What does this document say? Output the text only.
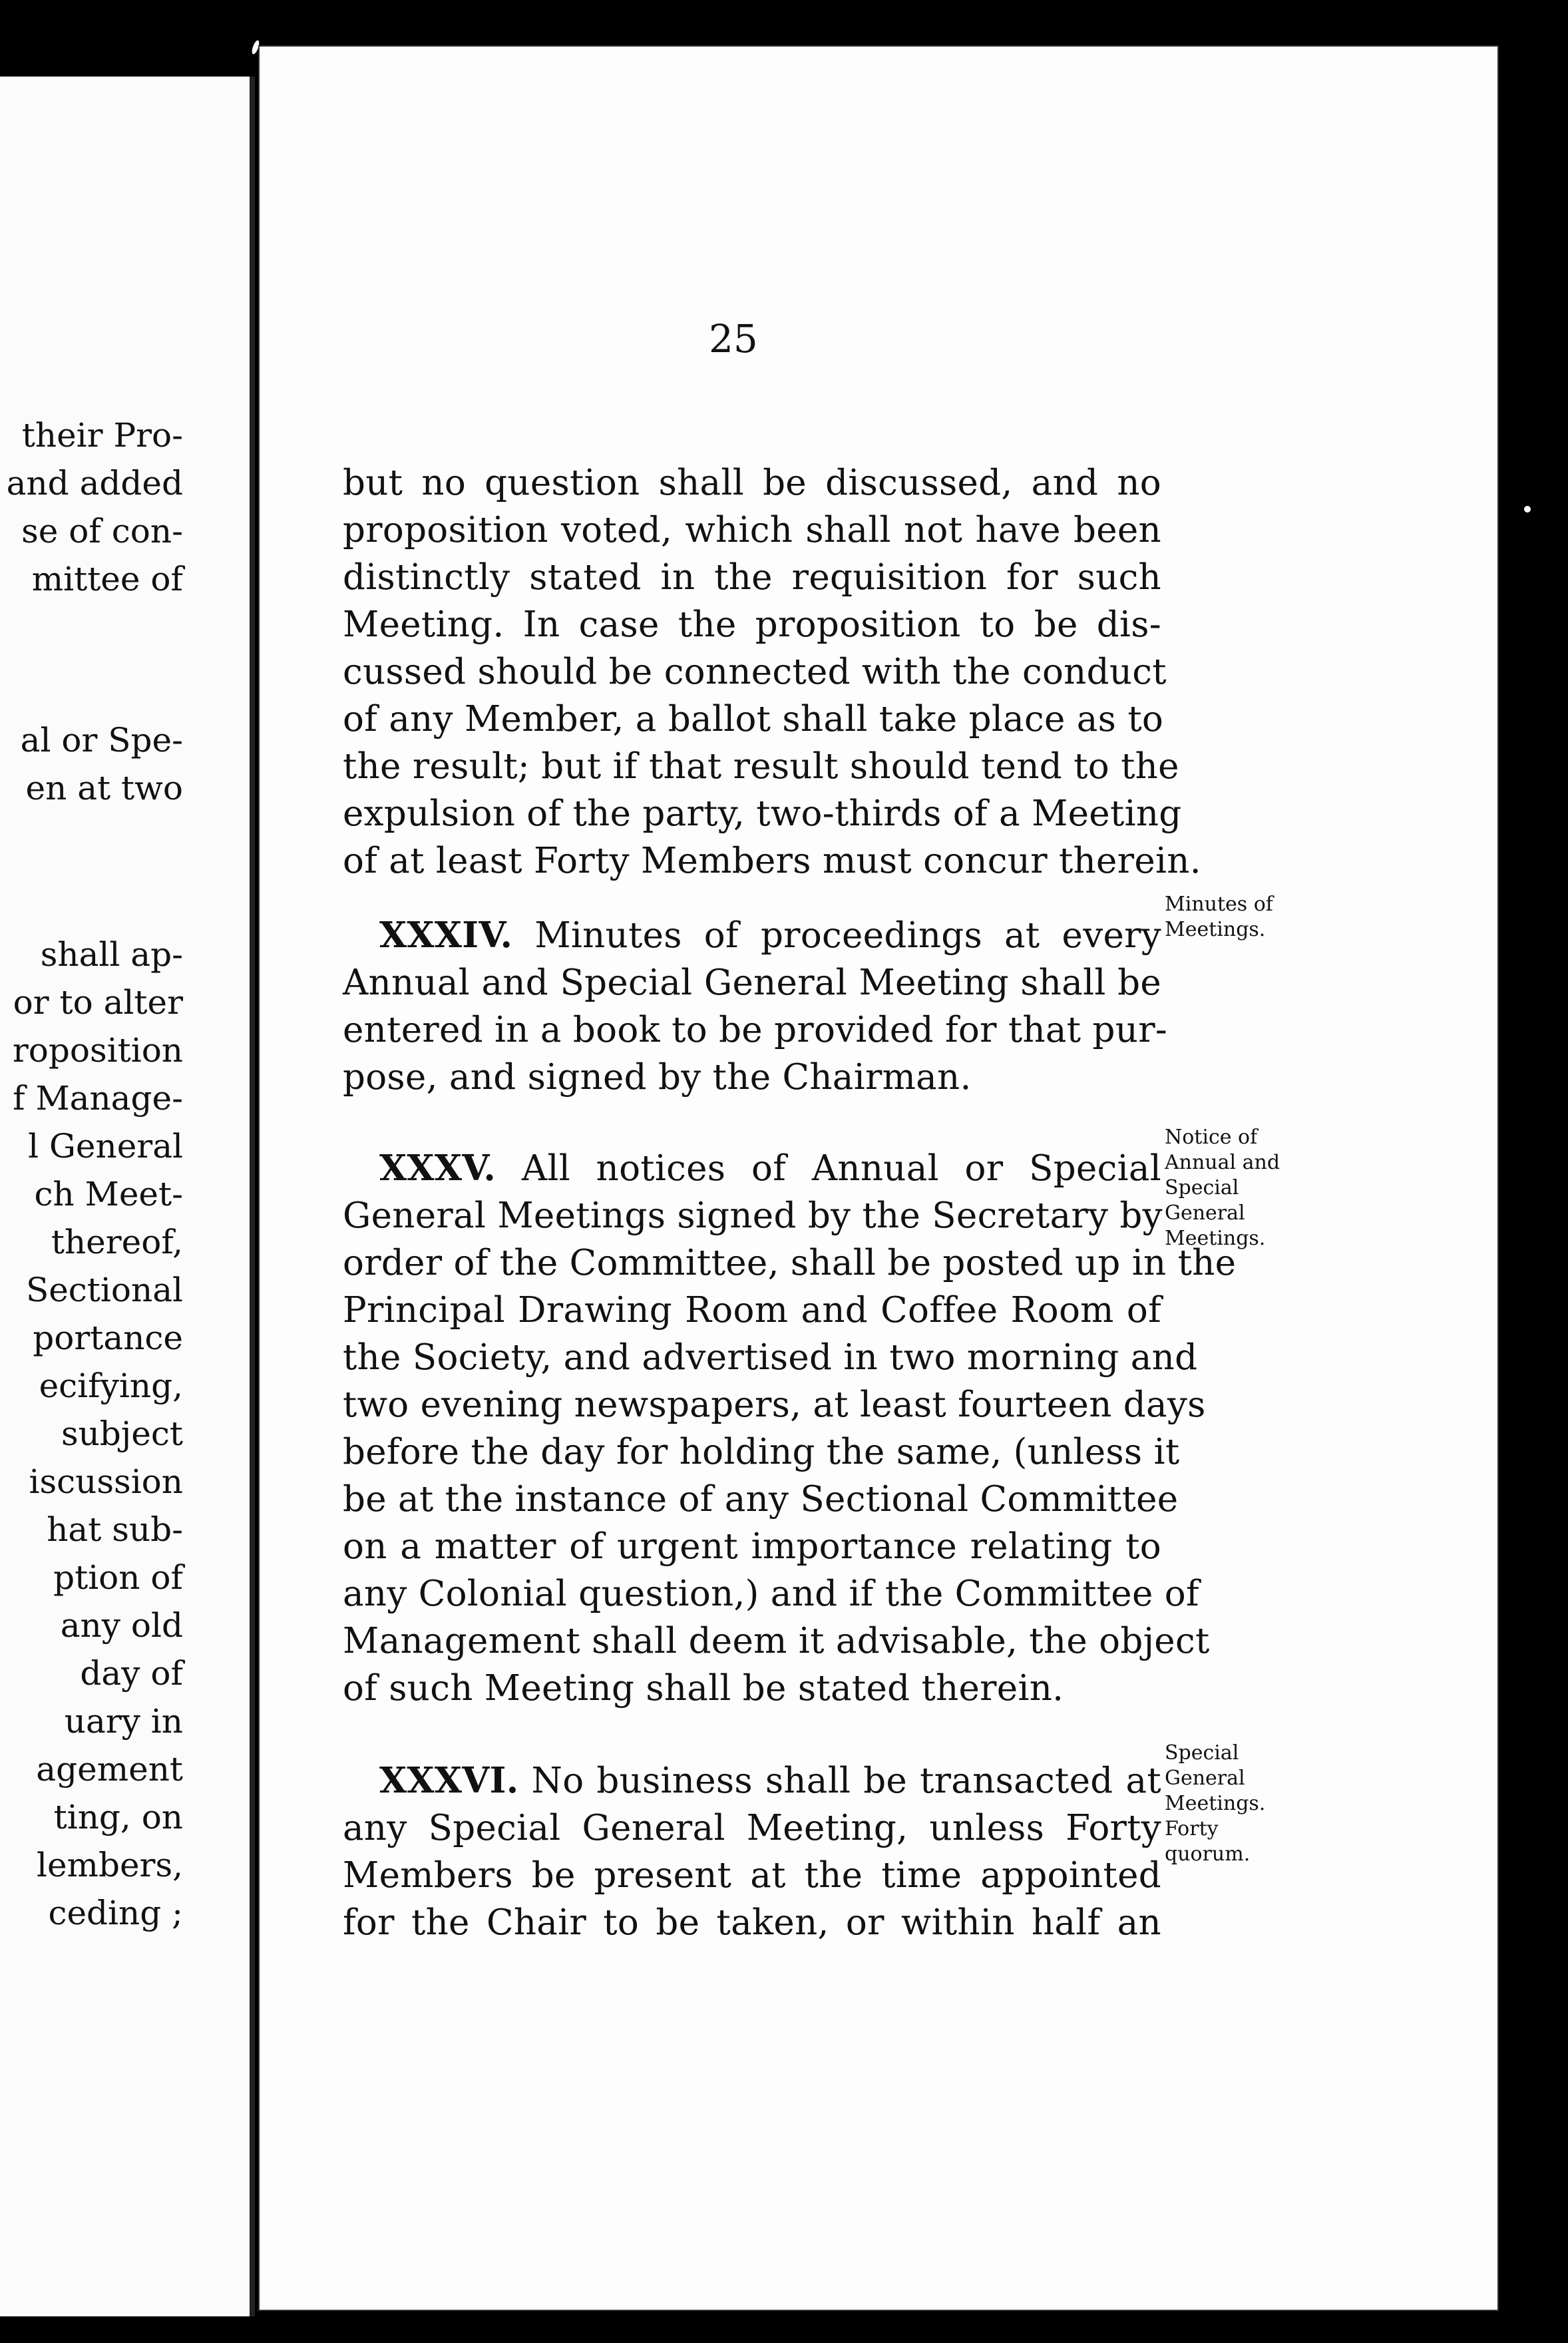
their Pro-
and added
se of con-
mittee of
al or Spe-
en at two
shall ap-
or to alter
roposition
f Manage-
l General
ch Meet-
thereof,
Sectional
portance
ecifying,
subject
iscussion
hat sub-
ption of
any old
day of
uary in
agement
ting, on
lembers,
ceding ;
25
but no question shall be discussed, and no
proposition voted, which shall not have been
distinctly stated in the requisition for such
Meeting. In case the proposition to be dis-
cussed should be connected with the conduct
of any Member, a ballot shall take place as to
the result; but if that result should tend to the
expulsion of the party, two-thirds of a Meeting
of at least Forty Members must concur therein.
XXXIV. Minutes of proceedings at every
Annual and Special General Meeting shall be
entered in a book to be provided for that pur-
pose, and signed by the Chairman.
Minutes of
Meetings.
XXXV. All notices of Annual or Special
General Meetings signed by the Secretary by
order of the Committee, shall be posted up in the
Principal Drawing Room and Coffee Room of
the Society, and advertised in two morning and
two evening newspapers, at least fourteen days
before the day for holding the same, (unless it
be at the instance of any Sectional Committee
on a matter of urgent importance relating to
any Colonial question,) and if the Committee of
Management shall deem it advisable, the object
of such Meeting shall be stated therein.
Notice of
Annual and
Special
General
Meetings.
XXXVI. No business shall be transacted at
any Special General Meeting, unless Forty
Members be present at the time appointed
for the Chair to be taken, or within half an
Special
General
Meetings.
Forty
quorum.
